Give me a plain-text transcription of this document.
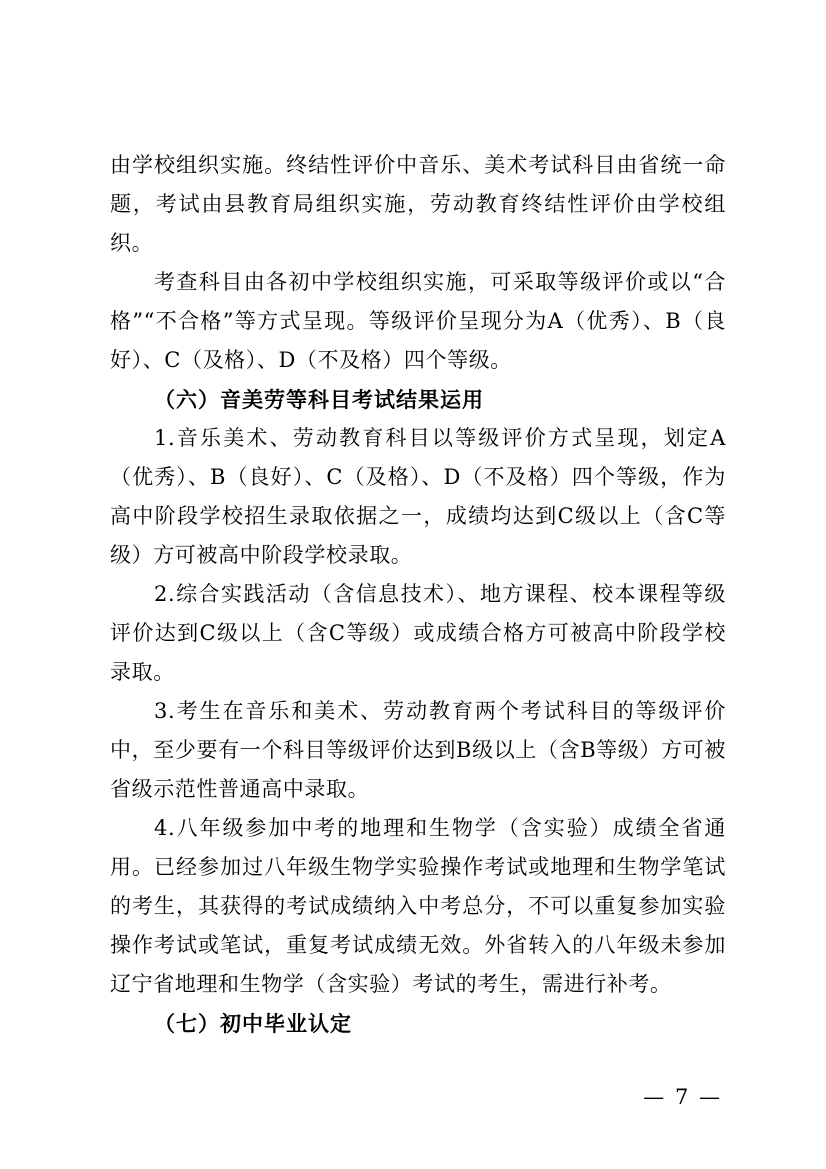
由学校组织实施。终结性评价中音乐、美术考试科目由省统一命题，考试由县教育局组织实施，劳动教育终结性评价由学校组织。

考查科目由各初中学校组织实施，可采取等级评价或以“合格”“不合格”等方式呈现。等级评价呈现分为A（优秀）、B（良好）、C（及格）、D（不及格）四个等级。

（六）音美劳等科目考试结果运用

1.音乐美术、劳动教育科目以等级评价方式呈现，划定A（优秀）、B（良好）、C（及格）、D（不及格）四个等级，作为高中阶段学校招生录取依据之一，成绩均达到C级以上（含C等级）方可被高中阶段学校录取。

2.综合实践活动（含信息技术）、地方课程、校本课程等级评价达到C级以上（含C等级）或成绩合格方可被高中阶段学校录取。

3.考生在音乐和美术、劳动教育两个考试科目的等级评价中，至少要有一个科目等级评价达到B级以上（含B等级）方可被省级示范性普通高中录取。

4.八年级参加中考的地理和生物学（含实验）成绩全省通用。已经参加过八年级生物学实验操作考试或地理和生物学笔试的考生，其获得的考试成绩纳入中考总分，不可以重复参加实验操作考试或笔试，重复考试成绩无效。外省转入的八年级未参加辽宁省地理和生物学（含实验）考试的考生，需进行补考。

（七）初中毕业认定

— 7 —
